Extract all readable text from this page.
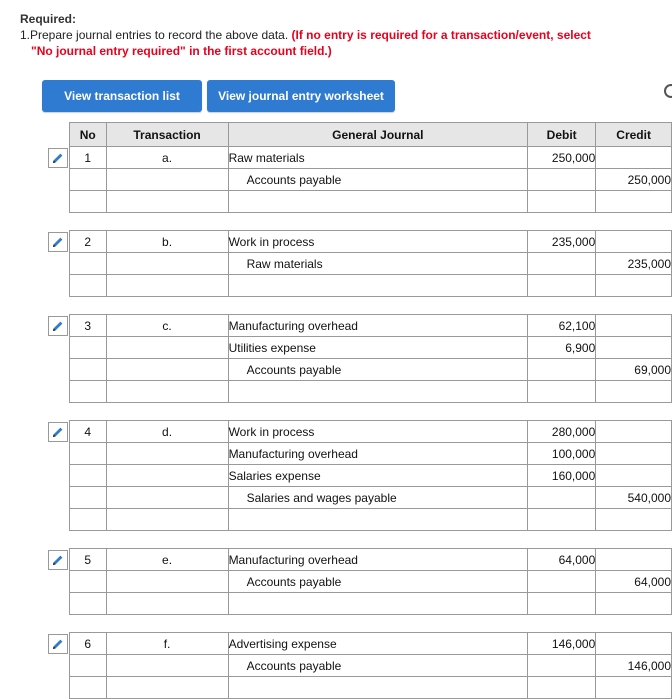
Required:
1.Prepare journal entries to record the above data. (If no entry is required for a transaction/event, select
"No journal entry required" in the first account field.)
View transaction list	View journal entry worksheet
No	Transaction	General Journal	Debit	Credit
1	a.	Raw materials	250,000	
		Accounts payable		250,000

2	b.	Work in process	235,000	
		Raw materials		235,000

3	c.	Manufacturing overhead	62,100	
		Utilities expense	6,900	
		Accounts payable		69,000

4	d.	Work in process	280,000	
		Manufacturing overhead	100,000	
		Salaries expense	160,000	
		Salaries and wages payable		540,000

5	e.	Manufacturing overhead	64,000	
		Accounts payable		64,000

6	f.	Advertising expense	146,000	
		Accounts payable		146,000
